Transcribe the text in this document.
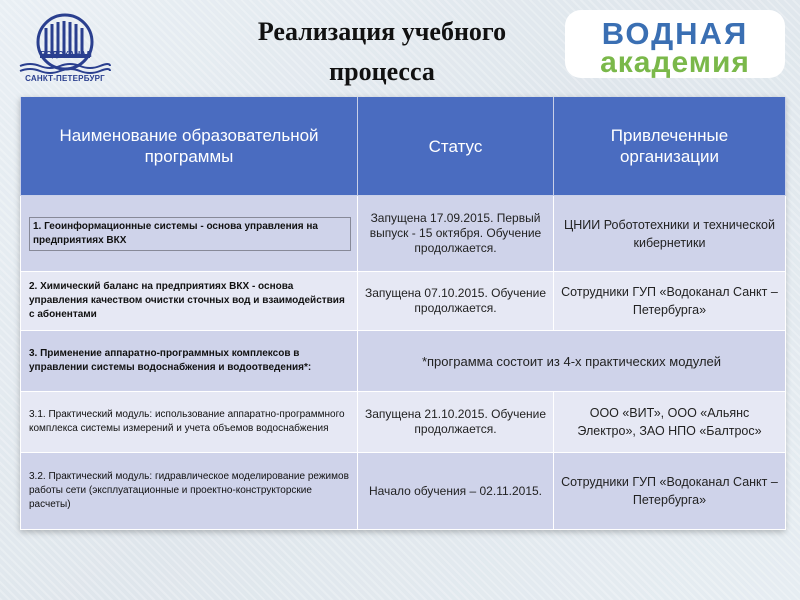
ВОДОКАНАЛ
САНКТ-ПЕТЕРБУРГ
Реализация учебного
процесса
ВОДНАЯ
академия
Наименование образовательной программы	Статус	Привлеченные организации

1. Геоинформационные системы - основа управления на предприятиях ВКХ	Запущена 17.09.2015. Первый выпуск - 15 октября. Обучение продолжается.	ЦНИИ Робототехники и технической кибернетики
2. Химический баланс на предприятиях ВКХ - основа управления качеством очистки сточных вод и взаимодействия с абонентами	Запущена 07.10.2015. Обучение продолжается.	Сотрудники ГУП «Водоканал Санкт – Петербурга»
3. Применение аппаратно-программных комплексов в управлении системы водоснабжения и водоотведения*:	*программа состоит из 4-х практических модулей	
3.1. Практический модуль: использование аппаратно-программного комплекса системы измерений и учета объемов водоснабжения	Запущена 21.10.2015. Обучение продолжается.	ООО «ВИТ», ООО «Альянс Электро», ЗАО НПО «Балтрос»
3.2. Практический модуль: гидравлическое моделирование режимов работы сети (эксплуатационные и проектно-конструкторские расчеты)	Начало обучения – 02.11.2015.	Сотрудники ГУП «Водоканал Санкт – Петербурга»
